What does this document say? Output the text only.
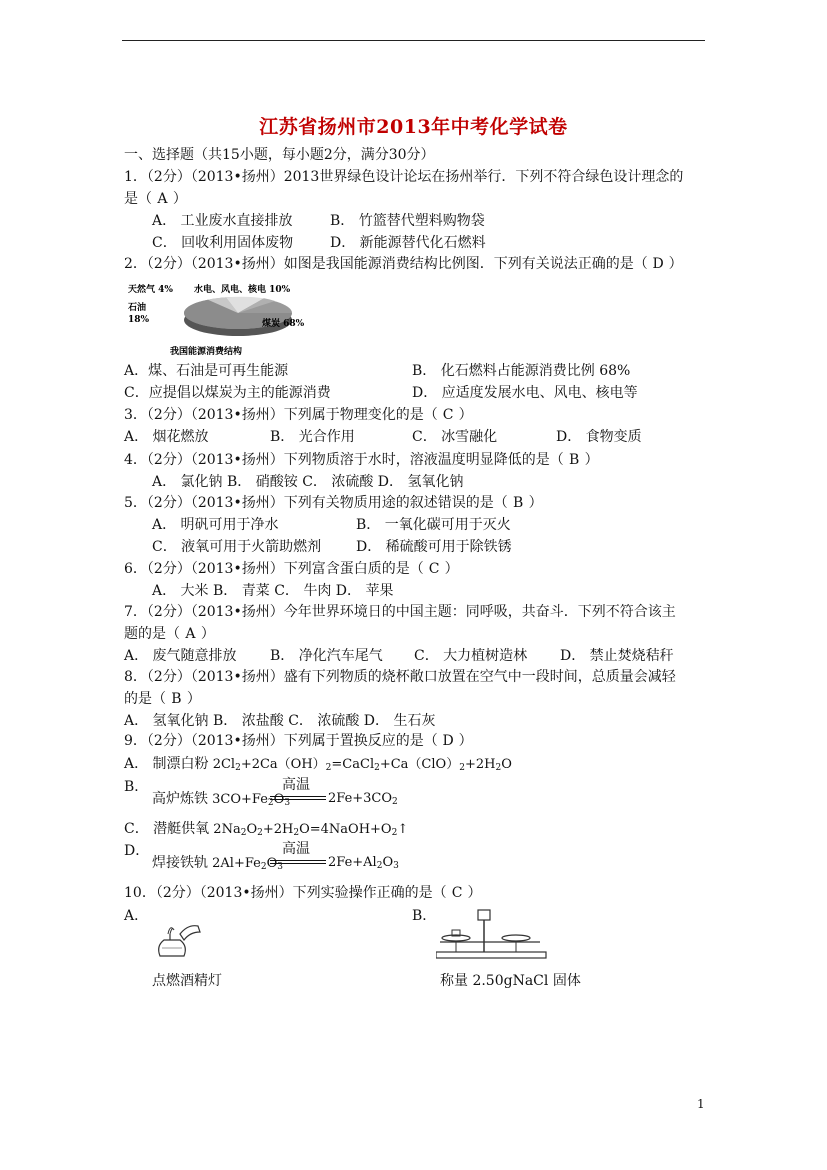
江苏省扬州市2013年中考化学试卷
一、选择题（共15小题，每小题2分，满分30分）
1．（2分）（2013•扬州）2013世界绿色设计论坛在扬州举行．下列不符合绿色设计理念的
是（ A ）
A． 工业废水直接排放	B． 竹篮替代塑料购物袋
C． 回收利用固体废物	D． 新能源替代化石燃料
2．（2分）（2013•扬州）如图是我国能源消费结构比例图．下列有关说法正确的是（ D ）
天然气 4% 水电、风电、核电 10%
石油
18%	煤炭 68%
我国能源消费结构
A．煤、石油是可再生能源	B． 化石燃料占能源消费比例 68%
C．应提倡以煤炭为主的能源消费	D． 应适度发展水电、风电、核电等
3．（2分）（2013•扬州）下列属于物理变化的是（ C ）
A． 烟花燃放	B． 光合作用	C． 冰雪融化	D． 食物变质
4．（2分）（2013•扬州）下列物质溶于水时，溶液温度明显降低的是（ B ）
A． 氯化钠 B． 硝酸铵 C． 浓硫酸 D． 氢氧化钠
5．（2分）（2013•扬州）下列有关物质用途的叙述错误的是（ B ）
A． 明矾可用于净水	B． 一氧化碳可用于灭火
C． 液氧可用于火箭助燃剂 D． 稀硫酸可用于除铁锈
6．（2分）（2013•扬州）下列富含蛋白质的是（ C ）
A． 大米 B． 青菜 C． 牛肉 D． 苹果
7．（2分）（2013•扬州）今年世界环境日的中国主题：同呼吸，共奋斗．下列不符合该主
题的是（ A ）
A． 废气随意排放 B． 净化汽车尾气 C． 大力植树造林 D． 禁止焚烧秸秆
8．（2分）（2013•扬州）盛有下列物质的烧杯敞口放置在空气中一段时间，总质量会减轻
的是（ B ）
A． 氢氧化钠 B． 浓盐酸 C． 浓硫酸 D． 生石灰
9．（2分）（2013•扬州）下列属于置换反应的是（ D ）
A． 制漂白粉 $2Cl_2+2Ca(OH)_2=CaCl_2+Ca(ClO)_2+2H_2O$
B．
高炉炼铁 $3CO+Fe_2O_3$
高温
$2Fe+3CO_2$
C． 潜艇供氧 $2Na_2O_2+2H_2O=4NaOH+O_2↑$
D．
焊接铁轨 $2Al+Fe_2O_3$
高温
$2Fe+Al_2O_3$
10．（2分）（2013•扬州）下列实验操作正确的是（ C ）
A．
点燃酒精灯
B．
称量 2.50gNaCl 固体
1
